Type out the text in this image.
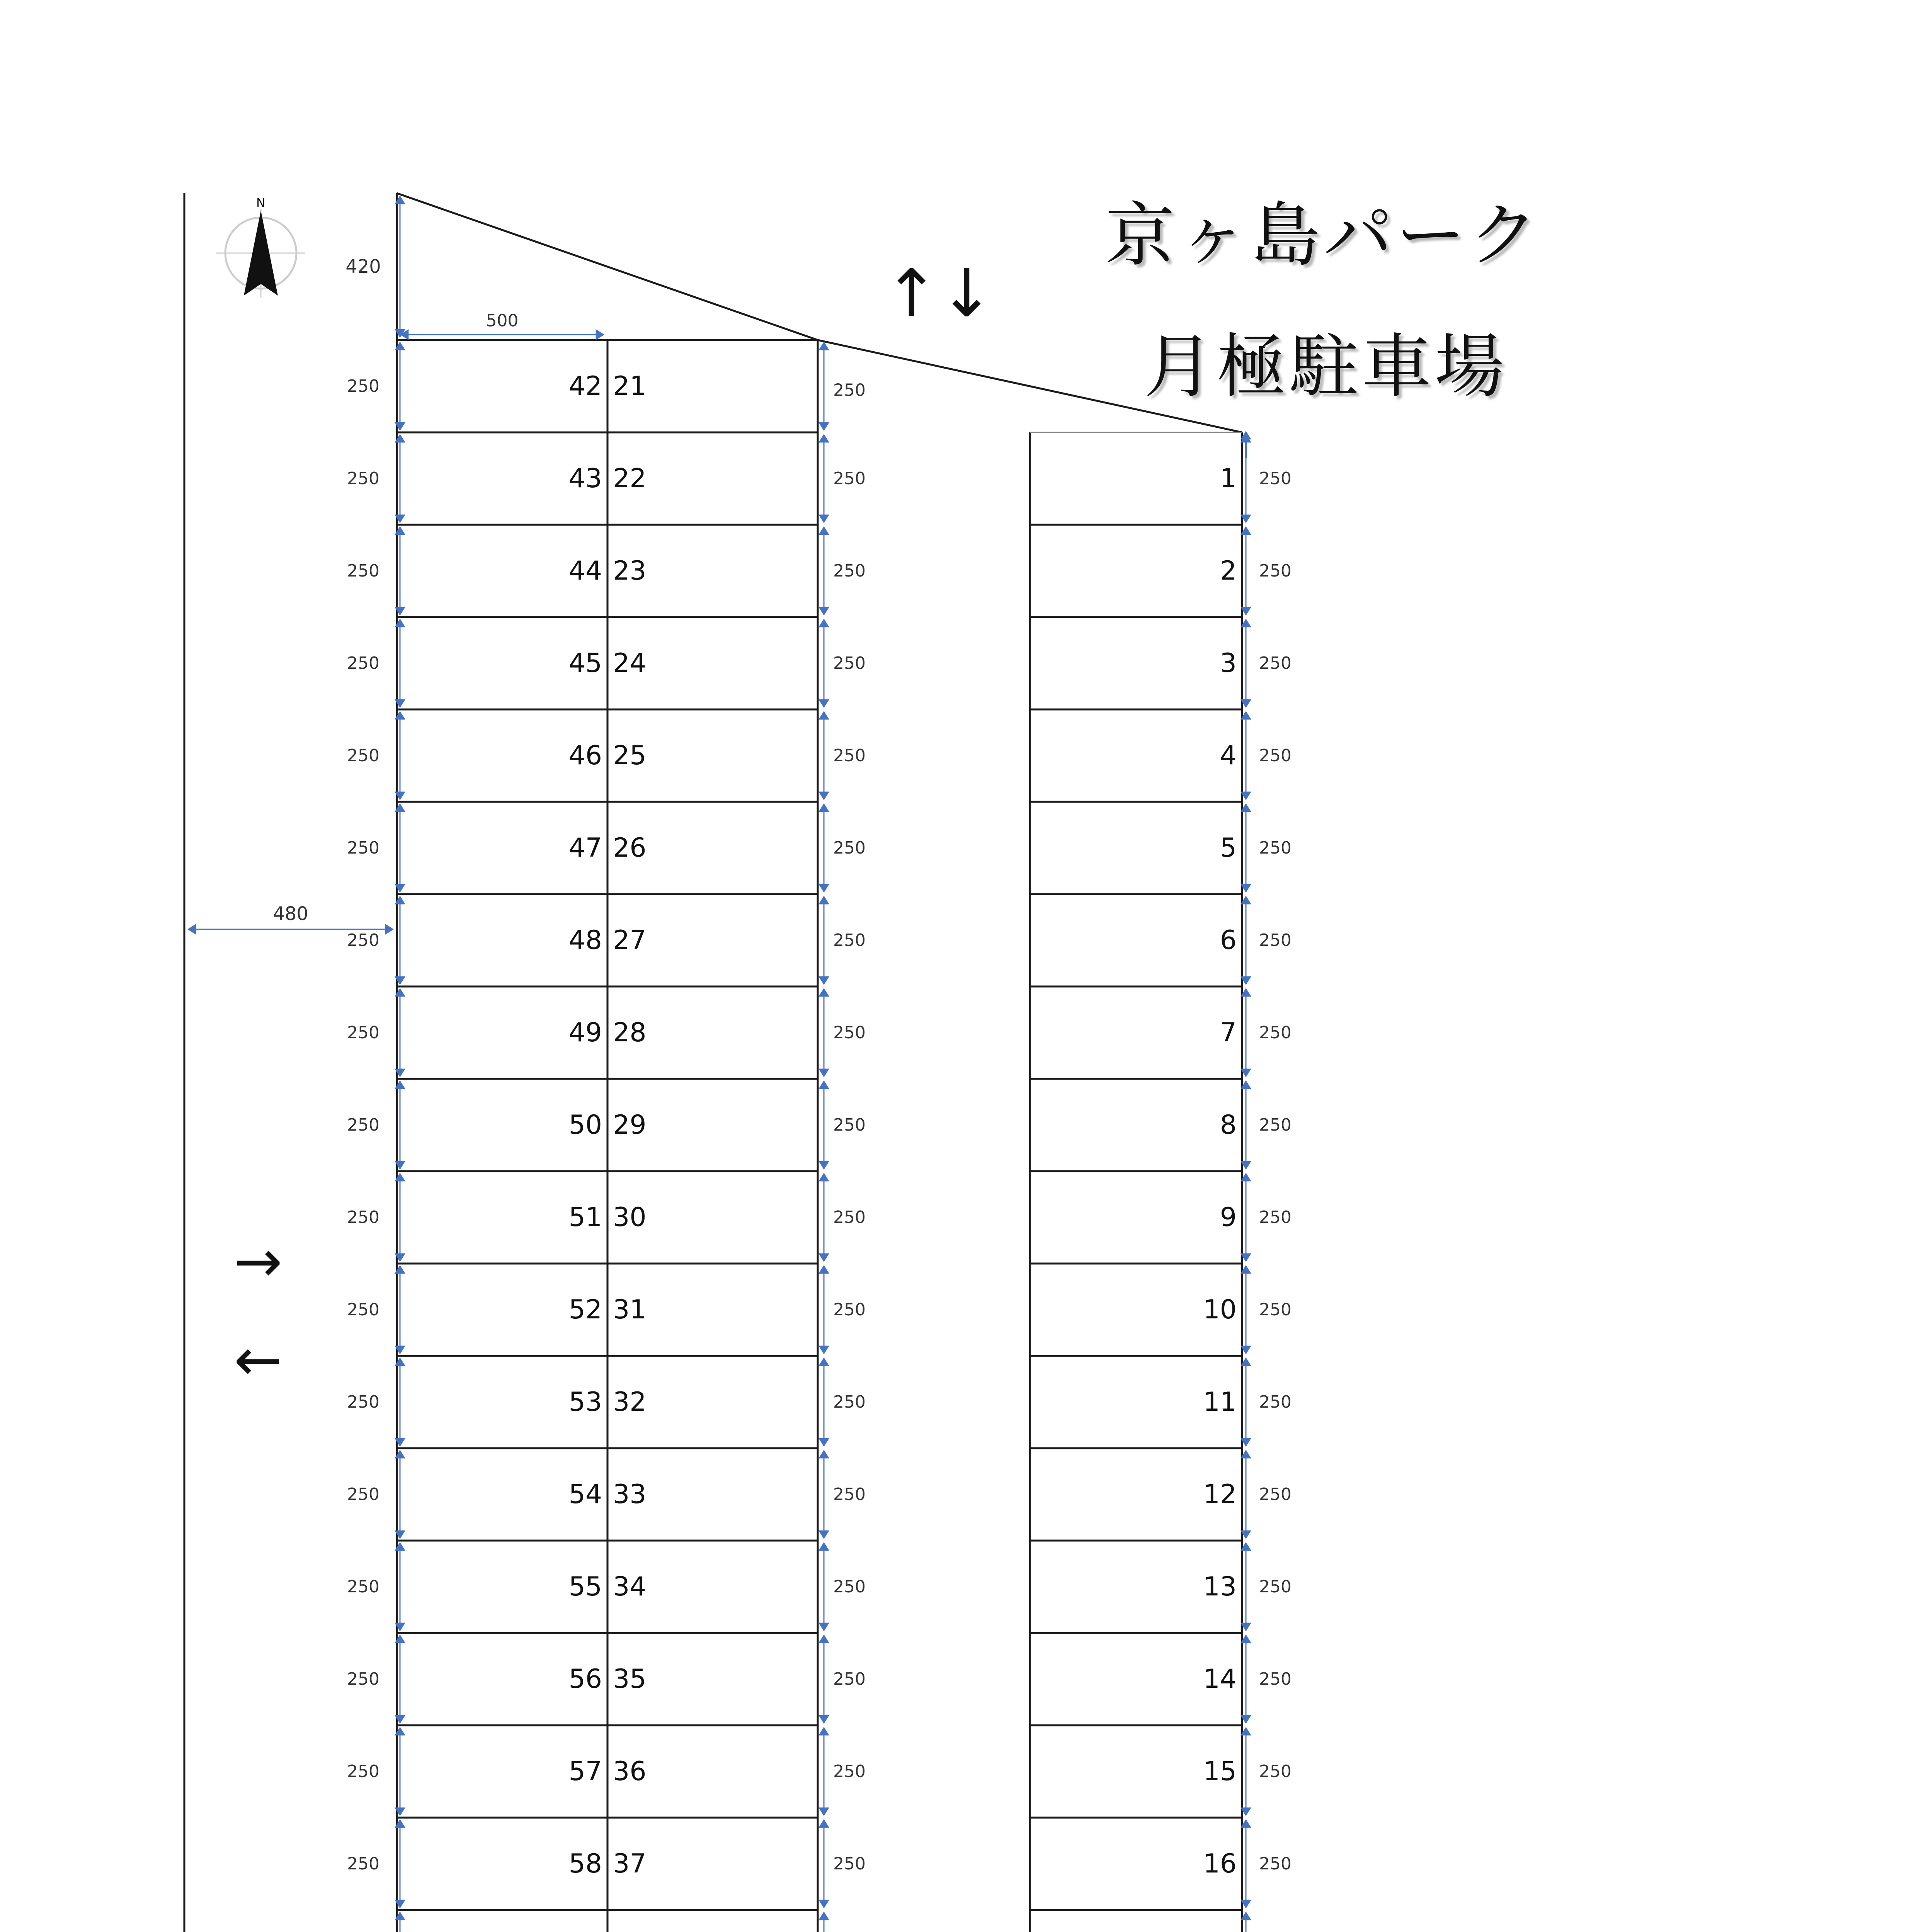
42
43
44
45
46
47
48
49
50
51
52
53
54
55
56
57
58
21
22
23
24
25
26
27
28
29
30
31
32
33
34
35
36
37
1
2
3
4
5
6
7
8
9
10
11
12
13
14
15
16
250
250
250
250
250
250
250
250
250
250
250
250
250
250
250
250
250
250
250
250
250
250
250
250
250
250
250
250
250
250
250
250
250
250
250
250
250
250
250
250
250
250
250
250
250
250
250
250
250
250
420
500
480
N
↑↓
→
←
京ヶ島パーク
月極駐車場
